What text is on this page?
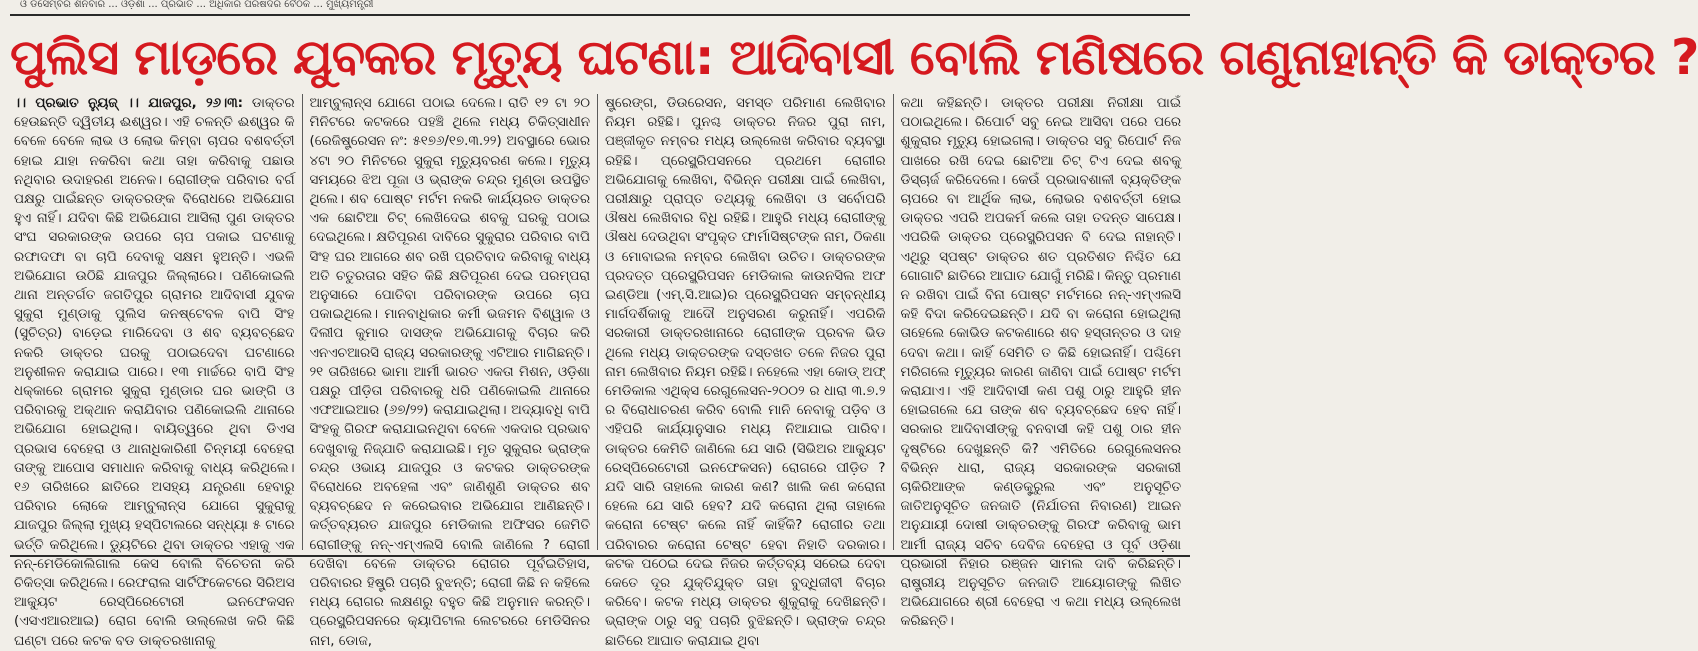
ଓ ଡିସେମ୍ବର ଶନିବାର ... ଓଡ଼ିଶା ... ପ୍ରଭାତ ... ଅଧିକାର ପରିଷଦର ବୈଠକ ... ମୁଖ୍ୟମନ୍ତ୍ରୀ
ପୁଲିସ ମାଡ଼ରେ ଯୁବକର ମୃତ୍ୟୁ ଘଟଣା: ଆଦିବାସୀ ବୋଲି ମଣିଷରେ ଗଣୁନାହାନ୍ତି କି ଡାକ୍ତର ?

।। ପ୍ରଭାତ ନ୍ୟୁଜ୍ ।। ଯାଜପୁର, ୨୬।୩: ଡାକ୍ତର ହେଉଛନ୍ତି ଦ୍ୱିତୀୟ ଈଶ୍ୱର। ଏହି ଚଳନ୍ତି ଈଶ୍ୱର କି ବେଳେ ବେଳେ ଲାଭ ଓ ଲୋଭ କିମ୍ବା ଚାପର ବଶବର୍ତ୍ତୀ ହୋଇ ଯାହା ନକରିବା କଥା ତାହା କରିବାକୁ ପଛାଉ ନଥିବାର ଉଦାହରଣ ଅନେକ। ରୋଗୀଙ୍କ ପରିବାର ବର୍ଗ ପକ୍ଷରୁ ପାଇଁଛନ୍ତ ଡାକ୍ତରଙ୍କ ବିରୋଧରେ ଅଭିଯୋଗ ହୁଏ ନାହିଁ। ଯଦିବା କିଛି ଅଭିଯୋଗ ଆସିଲା ପୁଣ ଡାକ୍ତର ସଂଘ ସରକାରଙ୍କ ଉପରେ ଚାପ ପକାଇ ଘଟଣାକୁ ରଫାଦଫା ବା ଚାପି ଦେବାକୁ ସକ୍ଷମ ହୁଅନ୍ତି। ଏଭଳି ଅଭିଯୋଗ ଉଠିଛି ଯାଜପୁର ଜିଲ୍ଲାରେ। ପଣିକୋଇଲି ଥାନା ଅନ୍ତର୍ଗତ ଜଗତିପୁର ଗ୍ରାମର ଆଦିବାସୀ ଯୁବକ ସୁକୁରା ମୁଣ୍ଡାକୁ ପୁଲିସ କନଷ୍ଟେବଳ ବାପି ସିଂହ (ସୁଚିତ୍ର) ବାଡ଼େଇ ମାରିଦେବା ଓ ଶବ ବ୍ୟବଚ୍ଛେଦ ନକରି ଡାକ୍ତର ଘରକୁ ପଠାଇଦେବା ଘଟଣାରେ ଅନୁଶୀଳନ କରାଯାଇ ପାରେ। ୧୩ ମାର୍ଚ୍ଚରେ ବାପି ସିଂହ ଧକ୍କାରେ ଗ୍ରାମର ସୁକୁରା ମୁଣ୍ଡାର ଘର ଭାଙ୍ଗି ଓ ପରିବାରକୁ ଅକ୍ଥାନ କରାଯିବାର ପଣିକୋଇଲି ଥାନାରେ ଅଭିଯୋଗ ହୋଇଥିଲା। ବାୟିତ୍ୱରେ ଥିବା ଡିଏସ ପ୍ରଭାସ ବେହେରା ଓ ଥାନାଧିକାରିଣୀ ଚିନ୍ମୟୀ ବେହେରା ତାଙ୍କୁ ଆପୋସ ସମାଧାନ କରିବାକୁ ବାଧ୍ୟ କରିଥିଲେ। ୧୬ ତାରିଖରେ ଛାତିରେ ଅସହ୍ୟ ଯନ୍ତ୍ରଣା ହେବାରୁ ପରିବାର ଲୋକେ ଆମ୍ବୁଲାନ୍ସ ଯୋଗେ ସୁକୁରାକୁ ଯାଜପୁର ଜିଲ୍ଲା ମୁଖ୍ୟ ହସ୍ପିଟାଲରେ ସନ୍ଧ୍ୟା ୫ ଟାରେ ଭର୍ତ୍ତି କରିଥିଲେ। ଡ୍ୟୁଟିରେ ଥିବା ଡାକ୍ତର ଏହାକୁ ଏକ ନନ୍-ମେଡିକୋଲିଗାଲ କେସ ବୋଲି ବିଚେତନା କରି ଚିକିତ୍ସା କରିଥିଲେ। ରେଫରାଲ ସାର୍ଟିଫିକେଟରେ ସିରିଅସ ଆକ୍ୟୁଟ ରେସ୍ପିରେଟୋରୀ ଇନଫେକସନ (ଏସଏଆରଆଇ) ରୋଗ ବୋଲି ଉଲ୍ଲେଖ କରି କିଛି ଘଣ୍ଟା ପରେ କଟକ ବଡ ଡାକ୍ତରଖାନାକୁ

ଆମ୍ବୁଲାନ୍ସ ଯୋଗେ ପଠାଇ ଦେଲେ। ରାତି ୧୨ ଟା ୨୦ ମିନିଟରେ କଟକରେ ପହଞ୍ଚି ଥିଲେ ମଧ୍ୟ ଚିକିତ୍ସାଧୀନ (ରେଜିଷ୍ଟ୍ରେସନ ନଂ: ୫୧୭୬/୧୭.୩.୨୨) ଅବସ୍ଥାରେ ଭୋର ୪ଟା ୨୦ ମିନିଟରେ ସୁକୁରା ମୃତ୍ୟୁବରଣ କଲେ। ମୃତ୍ୟୁ ସମୟରେ ଝିଅ ପୂଜା ଓ ଭ୍ରାଙ୍କ ଚନ୍ଦ୍ର ମୁଣ୍ଡା ଉପସ୍ଥିତ ଥିଲେ। ଶବ ପୋଷ୍ଟ ମର୍ଟମ ନକରି କାର୍ଯ୍ୟରତ ଡାକ୍ତର ଏକ ଛୋଟିଆ ଚିଟ୍ ଲେଖିଦେଇ ଶବକୁ ଘରକୁ ପଠାଇ ଦେଇଥିଲେ। କ୍ଷତିପୂରଣ ଦାବିରେ ସୁକୁରାର ପରିବାର ବାପି ସିଂହ ଘର ଆଗରେ ଶବ ରଖି ପ୍ରତିବାଦ କରିବାକୁ ବାଧ୍ୟ ଅତି ଚତୁରତାର ସହିତ କିଛି କ୍ଷତିପୂରଣ ଦେଇ ପରମ୍ପରା ଅନୁସାରେ ପୋତିବା ପରିବାରଙ୍କ ଉପରେ ଚାପ ପକାଇଥିଲେ। ମାନବାଧିକାର କର୍ମୀ ଭଜମନ ବିଶ୍ୱାଳ ଓ ଦିଲୀପ କୁମାର ଦାସଙ୍କ ଅଭିଯୋଗକୁ ବିଚାର କରି ଏନଏଚଆରସି ରାଜ୍ୟ ସରକାରଙ୍କୁ ଏଟିଆର ମାଗିଛନ୍ତି। ୨୧ ତାରିଖରେ ଭାମା ଆର୍ମୀ ଭାରତ ଏକତା ମିଶନ, ଓଡ଼ିଶା ପକ୍ଷରୁ ପୀଡ଼ିତା ପରିବାରକୁ ଧରି ପଣିକୋଇଲି ଥାନାରେ ଏଫଆଇଆର (୬୭/୨୨) କରାଯାଇଥିଲା। ଅଦ୍ୟାବଧି ବାପି ସିଂହକୁ ଗିରଫ କରାଯାଇନଥିବା ବେଳେ ଏକଦାର ପ୍ରଭାବ ଦେଖୁବାକୁ ନିଜ୍ଯାତି କରାଯାଇଛି। ମୃତ ସୁକୁରାର ଭ୍ରାଙ୍କ ଚନ୍ଦ୍ର ଓଭାୟ ଯାଜପୁର ଓ କଟକର ଡାକ୍ତରଙ୍କ ବିରୋଧରେ ଅବହେଳା ଏବଂ ଜାଣିଶୁଣି ଡାକ୍ତର ଶବ ବ୍ୟବଚ୍ଛେଦ ନ କରେଇବାର ଅଭିଯୋଗ ଆଣିଛନ୍ତି। କର୍ତ୍ତବ୍ୟରତ ଯାଜପୁର ମେଡିକାଲ ଅଫିସର ଜେମିତି ରୋଗୀଙ୍କୁ ନନ୍-ଏମ୍ଏଲସି ବୋଲି ଜାଣିଲେ ? ରୋଗୀ ଦେଖିବା ବେଳେ ଡାକ୍ତର ରୋଗର ପୂର୍ବଇତିହାସ, ପରିବାରର ହିଷ୍ଟ୍ରି ପଚାରି ବୁଝନ୍ତି; ରୋଗୀ କିଛି ନ କହିଲେ ମଧ୍ୟ ରୋଗର ଲକ୍ଷଣରୁ ବହୁତ କିଛି ଅନୁମାନ କରନ୍ତି। ପ୍ରେସ୍କ୍ରିପସନରେ କ୍ୟାପିଟାଲ ଲେଟରରେ ମେଡିସିନର ନାମ, ଡୋଜ,

ଷ୍ଟ୍ରେଙ୍ଗ, ଡିଉରେସନ, ସମସ୍ତ ପରିମାଣ ଲେଖିବାର ନିୟମ ରହିଛି। ପୁନଶ୍ଚ ଡାକ୍ତର ନିଜର ପୁରା ନାମ, ପଞ୍ଜୀକୃତ ନମ୍ବର ମଧ୍ୟ ଉଲ୍ଲେଖ କରିବାର ବ୍ୟବସ୍ଥା ରହିଛି। ପ୍ରେସ୍କ୍ରିପସନରେ ପ୍ରଥମେ ରୋଗୀର ଅଭିଯୋଗକୁ ଲେଖିବା, ବିଭିନ୍ନ ପରୀକ୍ଷା ପାଇଁ ଲେଖିବା, ପରୀକ୍ଷାରୁ ପ୍ରାପ୍ତ ତଥ୍ୟକୁ ଲେଖିବା ଓ ସର୍ବୋପରି ଔଷଧ ଲେଖିବାର ବିଧି ରହିଛି। ଆହୁରି ମଧ୍ୟ ରୋଗୀଙ୍କୁ ଔଷଧ ଦେଉଥିବା ସଂପୃକ୍ତ ଫାର୍ମାସିଷ୍ଟଙ୍କ ନାମ, ଠିକଣା ଓ ମୋବାଇଲ ନମ୍ବର ଲେଖିବା ଉଚିତ। ଡାକ୍ତରଙ୍କ ପ୍ରଦତ୍ତ ପ୍ରେସ୍କ୍ରିପସନ ମେଡିକାଲ କାଉନସିଲ ଅଫ ଇଣ୍ଡିଆ (ଏମ୍.ସି.ଆଇ)ର ପ୍ରେସ୍କ୍ରିପସନ ସମ୍ବନ୍ଧୀୟ ମାର୍ଗଦର୍ଶିକାକୁ ଆଦୌ ଅନୁସରଣ କରୁନାହିଁ। ଏପରିକି ସରକାରୀ ଡାକ୍ତରଖାନାରେ ରୋଗୀଙ୍କ ପ୍ରବଳ ଭିଡ ଥିଲେ ମଧ୍ୟ ଡାକ୍ତରଙ୍କ ଦସ୍ତଖତ ତଳେ ନିଜର ପୁରା ନାମ ଲେଖିବାର ନିୟମ ରହିଛି। ନହେଲେ ଏହା କୋଡ୍ ଅଫ୍ ମେଡିକାଲ ଏଥିକ୍ସ ରେଗୁଲେସନ-୨୦୦୨ ର ଧାରା ୩.୭.୨ ର ବିରୋଧାଚରଣ କରିବ ବୋଲି ମାନି ନେବାକୁ ପଡ଼ିବ ଓ ଏହିପରି କାର୍ଯ୍ୟାନୁସାର ମଧ୍ୟ ନିଆଯାଇ ପାରିବ। ଡାକ୍ତର କେମିତି ଜାଣିଲେ ଯେ ସାରି (ସିଭିଅର ଆକ୍ୟୁଟ ରେସ୍ପିରେଟୋରୀ ଇନଫେକସନ) ରୋଗରେ ପୀଡ଼ିତ ? ଯଦି ସାରି ତାହାଲେ କାରଣ କଣ? ଖାଲି କଣ କରୋନା ହେଲେ ଯେ ସାରି ହେବ? ଯଦି କରୋନା ଥିଲା ତାହାଲେ କରୋନା ଟେଷ୍ଟ କଲେ ନାହିଁ କାହିଁକି? ରୋଗୀର ତଥା ପରିବାରର କରୋନା ଟେଷ୍ଟ ହେବା ନିହାତି ଦରକାର। କଟକ ପଠେଇ ଦେଇ ନିଜର କର୍ତ୍ତବ୍ୟ ସରେଇ ଦେବା କେତେ ଦୂର ଯୁକ୍ତିଯୁକ୍ତ ତାହା ବୁଦ୍ଧିଜୀବୀ ବିଚାର କରିବେ। କଟକ ମଧ୍ୟ ଡାକ୍ତର ଶୁକୁରାକୁ ଦେଖିଛନ୍ତି। ଭ୍ରାଙ୍କ ଠାରୁ ସବୁ ପଚାରି ବୁଝିଛନ୍ତି। ଭ୍ରାଙ୍କ ଚନ୍ଦ୍ର ଛାତିରେ ଆଘାତ କରାଯାଇ ଥିବା

କଥା କହିଛନ୍ତି। ଡାକ୍ତର ପରୀକ୍ଷା ନିରୀକ୍ଷା ପାଇଁ ପଠାଇଥିଲେ। ରିପୋର୍ଟ ସବୁ ନେଇ ଆସିବା ପରେ ପରେ ଶୁକୁରାର ମୃତ୍ୟୁ ହୋଇଗଲା। ଡାକ୍ତର ସବୁ ରିପୋର୍ଟ ନିଜ ପାଖରେ ରଖି ଦେଇ ଛୋଟିଆ ଚିଟ୍ ଟିଏ ଦେଇ ଶବକୁ ଡିସ୍ଚାର୍ଜ କରିଦେଲେ। କେଉଁ ପ୍ରଭାବଶାଳୀ ବ୍ୟକ୍ତିଙ୍କ ଚାପରେ ବା ଆର୍ଥିକ ଲାଭ, ଲୋଭର ବଶବର୍ତ୍ତୀ ହୋଇ ଡାକ୍ତର ଏପରି ଅପକର୍ମ କଲେ ତାହା ତଦନ୍ତ ସାପେକ୍ଷ। ଏପରିକି ଡାକ୍ତର ପ୍ରେସ୍କ୍ରିପସନ ବି ଦେଇ ନାହାନ୍ତି। ଏଥିରୁ ସ୍ପଷ୍ଟ ଡାକ୍ତର ଶତ ପ୍ରତିଶତ ନିଶ୍ଚିତ ଯେ ଗୋଗାଟି ଛାତିରେ ଆଘାତ ଯୋଗୁଁ ମରିଛି। କିନ୍ତୁ ପ୍ରମାଣ ନ ରଖିବା ପାଇଁ ବିନା ପୋଷ୍ଟ ମର୍ଟମରେ ନନ୍-ଏମ୍ଏଲସି କହି ବିଦା କରିଦେଇଛନ୍ତି। ଯଦି ବା କରୋନା ହୋଇଥିଲା ତାହେଲେ କୋଭିଡ କଟକଣାରେ ଶବ ହସ୍ତାନ୍ତର ଓ ଦାହ ଦେବା କଥା। କାହିଁ ସେମିତି ତ କିଛି ହୋଇନାହିଁ। ପଶ୍ଚିମେ ମରିଗଲେ ମୃତ୍ୟୁର କାରଣ ଜାଣିବା ପାଇଁ ପୋଷ୍ଟ ମର୍ଟମ କରାଯାଏ। ଏହି ଆଦିବାସୀ କଣ ପଶୁ ଠାରୁ ଆହୁରି ହୀନ ହୋଇଗଲେ ଯେ ତାଙ୍କ ଶବ ବ୍ୟବଚ୍ଛେଦ ହେବ ନାହିଁ। ସରକାର ଆଦିବାସୀଙ୍କୁ ବନବାସୀ କହି ପଶୁ ଠାର ହୀନ ଦୃଷ୍ଟିରେ ଦେଖୁଛନ୍ତି କି? ଏମିତିରେ ରେଗୁଲେସନର ବିଭିନ୍ନ ଧାରା, ରାଜ୍ୟ ସରକାରଙ୍କ ସରକାରୀ ଚାକିରିଆଙ୍କ କଣ୍ଡକ୍ଟ୍ରୁଲ ଏବଂ ଅନୁସୂଚିତ ଜାତିଅନୁସୂଚିତ ଜନଜାତି (ନିର୍ଯାତନା ନିବାରଣ) ଆଇନ ଅନୁଯାୟୀ ଦୋଷୀ ଡାକ୍ତରଙ୍କୁ ଗିରଫ କରିବାକୁ ଭାମ ଆର୍ମୀ ରାଜ୍ୟ ସଚିବ ଦେବିଜ ବେହେରା ଓ ପୂର୍ବ ଓଡ଼ିଶା ପ୍ରଭାରୀ ନିହାର ରଞ୍ଜନ ସାମଲ ଦାବି କରିଛନ୍ତି। ରାଷ୍ଟ୍ରୀୟ ଅନୁସୂଚିତ ଜନଜାତି ଆୟୋଗଙ୍କୁ ଲିଖିତ ଅଭିଯୋଗରେ ଶ୍ରୀ ବେହେରା ଏ କଥା ମଧ୍ୟ ଉଲ୍ଲେଖ କରିଛନ୍ତି।
